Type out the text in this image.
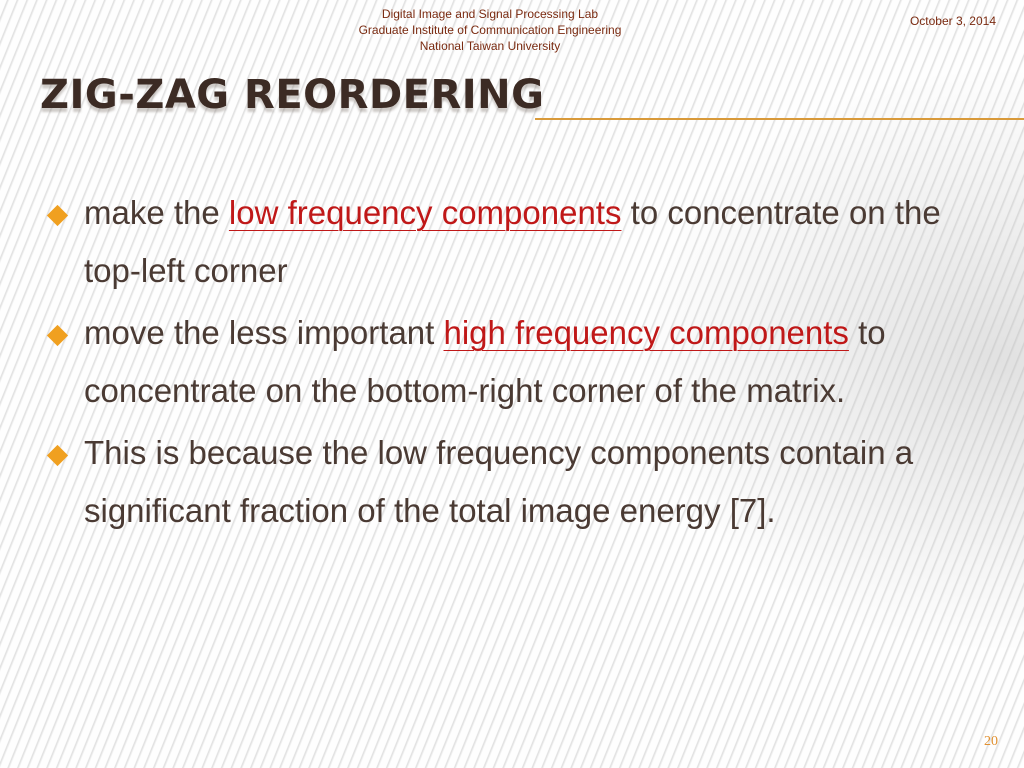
Digital Image and Signal Processing Lab
Graduate Institute of Communication Engineering
National Taiwan University
October 3, 2014
ZIG-ZAG REORDERING
make the low frequency components to concentrate on the top-left corner
move the less important high frequency components to concentrate on the bottom-right corner of the matrix.
This is because the low frequency components contain a significant fraction of the total image energy [7].
20
